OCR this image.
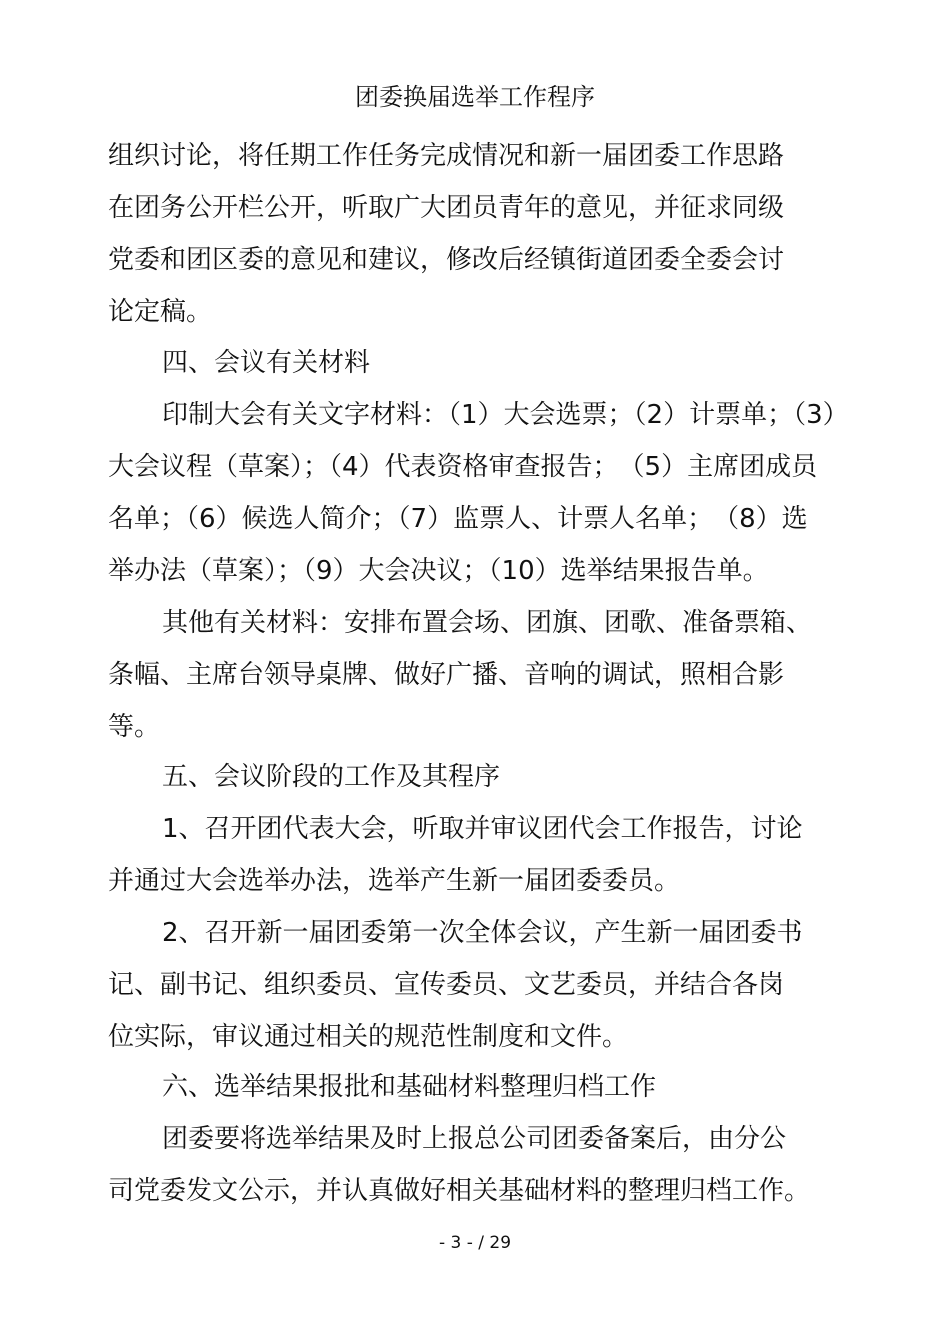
团委换届选举工作程序
组织讨论，将任期工作任务完成情况和新一届团委工作思路
在团务公开栏公开，听取广大团员青年的意见，并征求同级
党委和团区委的意见和建议，修改后经镇街道团委全委会讨
论定稿。
四、会议有关材料
印制大会有关文字材料：（1）大会选票；（2）计票单；（3）
大会议程（草案）；（4）代表资格审查报告；　（5）主席团成员
名单；（6）候选人简介；（7）监票人、计票人名单；　（8）选
举办法（草案）；（9）大会决议；（10）选举结果报告单。
其他有关材料：安排布置会场、团旗、团歌、准备票箱、
条幅、主席台领导桌牌、做好广播、音响的调试，照相合影
等。
五、会议阶段的工作及其程序
1、召开团代表大会，听取并审议团代会工作报告，讨论
并通过大会选举办法，选举产生新一届团委委员。
2、召开新一届团委第一次全体会议，产生新一届团委书
记、副书记、组织委员、宣传委员、文艺委员，并结合各岗
位实际，审议通过相关的规范性制度和文件。
六、选举结果报批和基础材料整理归档工作
团委要将选举结果及时上报总公司团委备案后，由分公
司党委发文公示，并认真做好相关基础材料的整理归档工作。
- 3 - / 29
